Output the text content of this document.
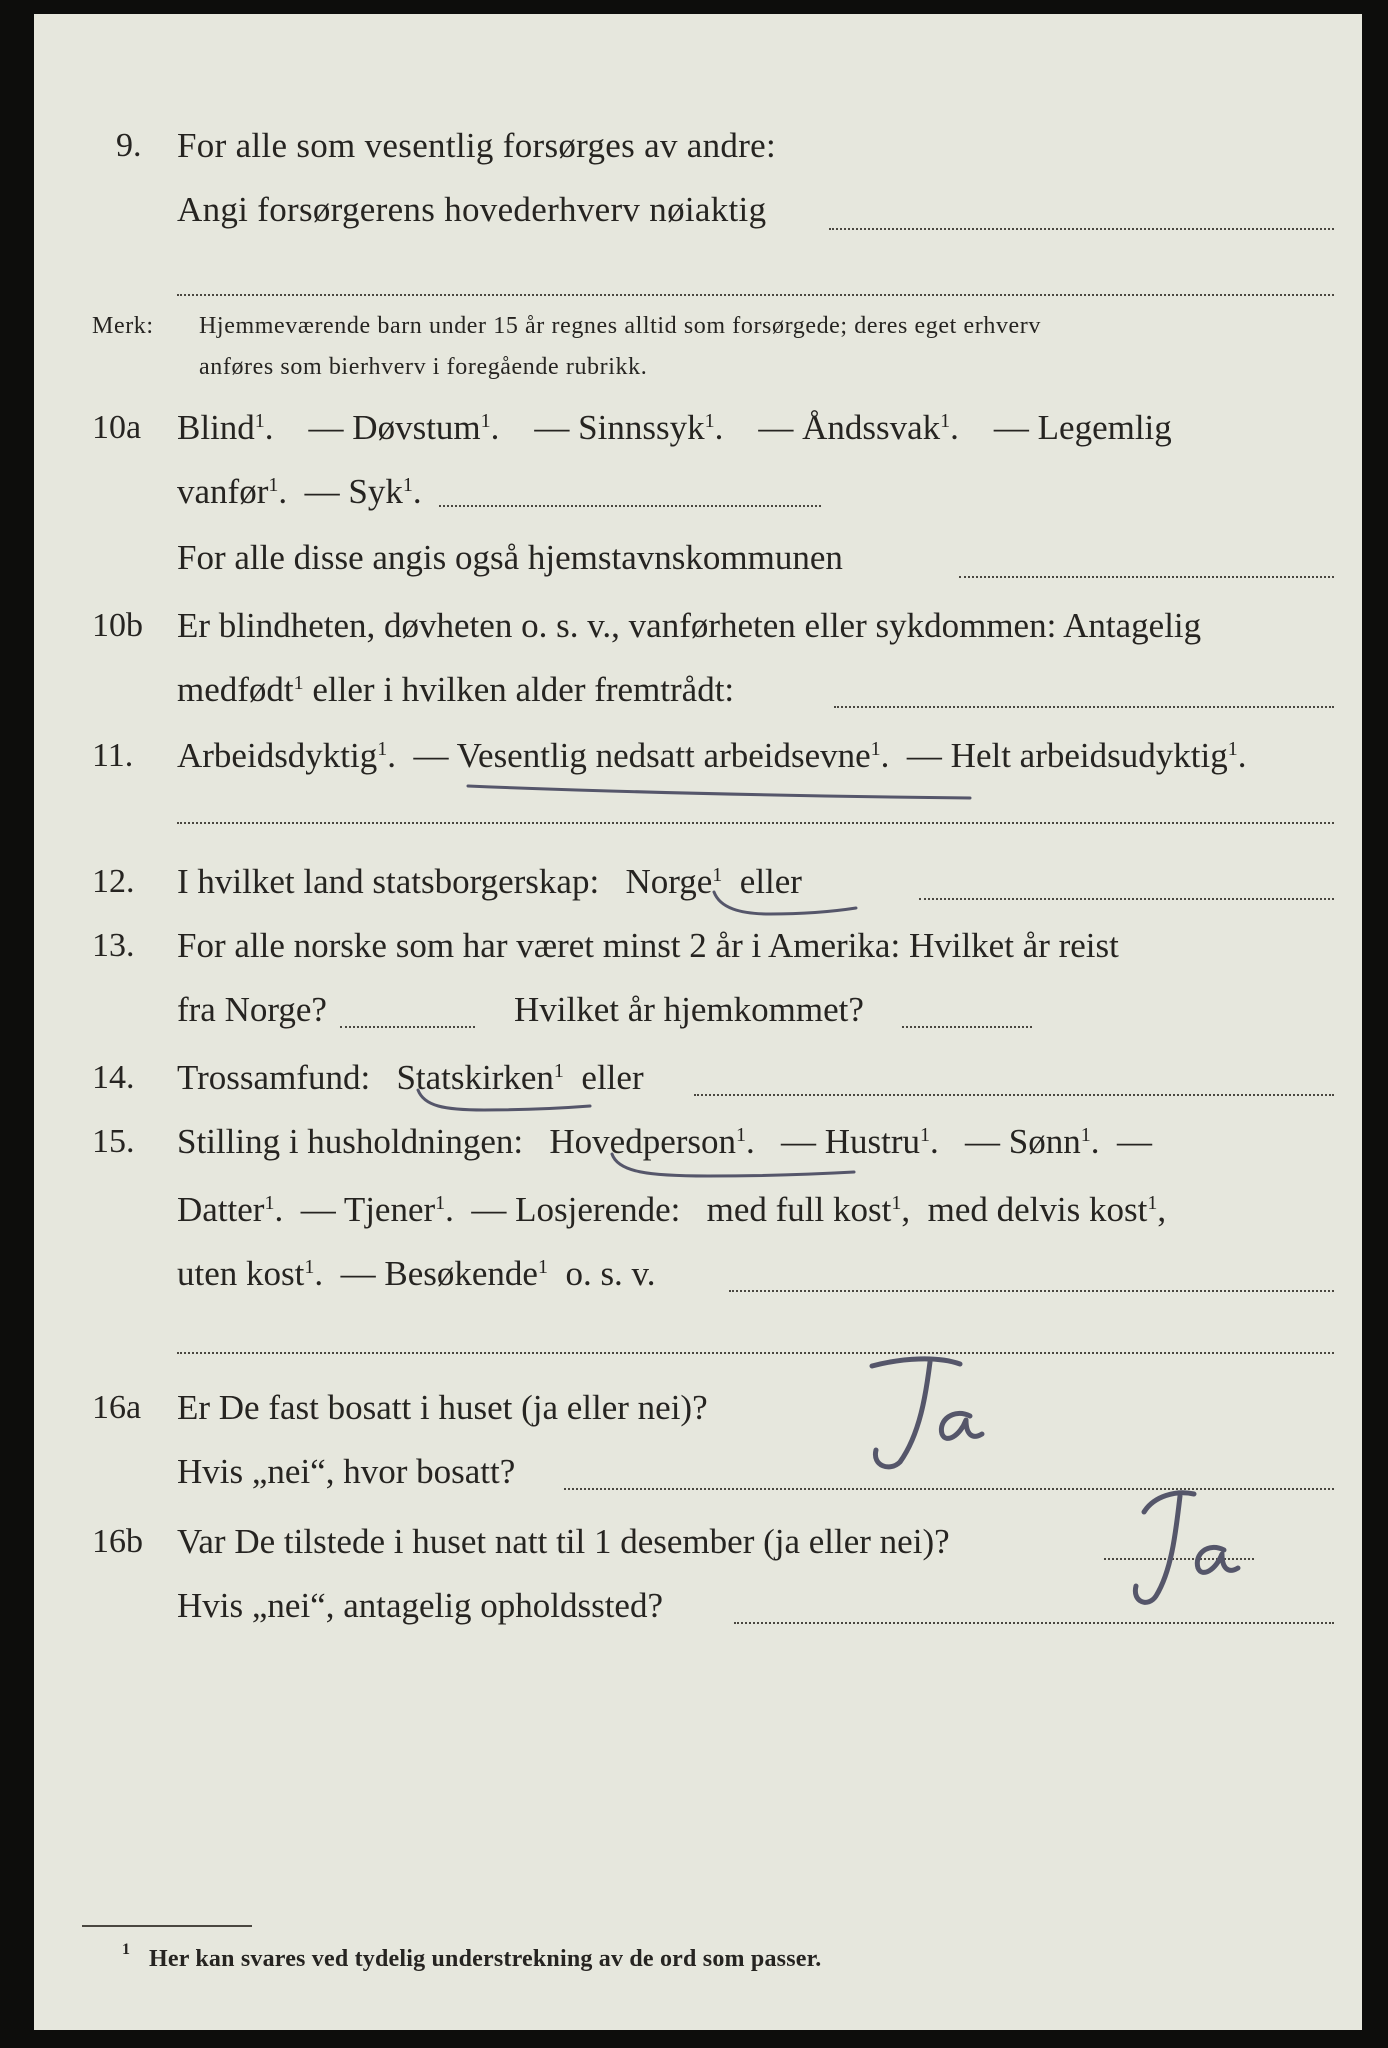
9. For alle som vesentlig forsørges av andre:
Angi forsørgerens hovederhverv nøiaktig
Merk: Hjemmeværende barn under 15 år regnes alltid som forsørgede; deres eget erhverv
anføres som bierhverv i foregående rubrikk.
10a Blind$^1$.    — Døvstum$^1$.    — Sinnssyk$^1$.    — Åndssvak$^1$.    — Legemlig
vanfør$^1$.  — Syk$^1$.
For alle disse angis også hjemstavnskommunen
10b Er blindheten, døvheten o. s. v., vanførheten eller sykdommen: Antagelig
medfødt$^1$ eller i hvilken alder fremtrådt:
11. Arbeidsdyktig$^1$.  — Vesentlig nedsatt arbeidsevne$^1$.  — Helt arbeidsudyktig$^1$.
12. I hvilket land statsborgerskap: Norge$^1$ eller
13. For alle norske som har været minst 2 år i Amerika: Hvilket år reist
fra Norge?	Hvilket år hjemkommet?
14. Trossamfund: Statskirken$^1$ eller
15. Stilling i husholdningen: Hovedperson$^1$.   — Hustru$^1$.   — Sønn$^1$.  —
Datter$^1$.  — Tjener$^1$.  — Losjerende: med full kost$^1$, med delvis kost$^1$,
uten kost$^1$.  — Besøkende$^1$ o. s. v.
16a Er De fast bosatt i huset (ja eller nei)?
Hvis „nei“, hvor bosatt?
16b Var De tilstede i huset natt til 1 desember (ja eller nei)?
Hvis „nei“, antagelig opholdssted?
1 Her kan svares ved tydelig understrekning av de ord som passer.
